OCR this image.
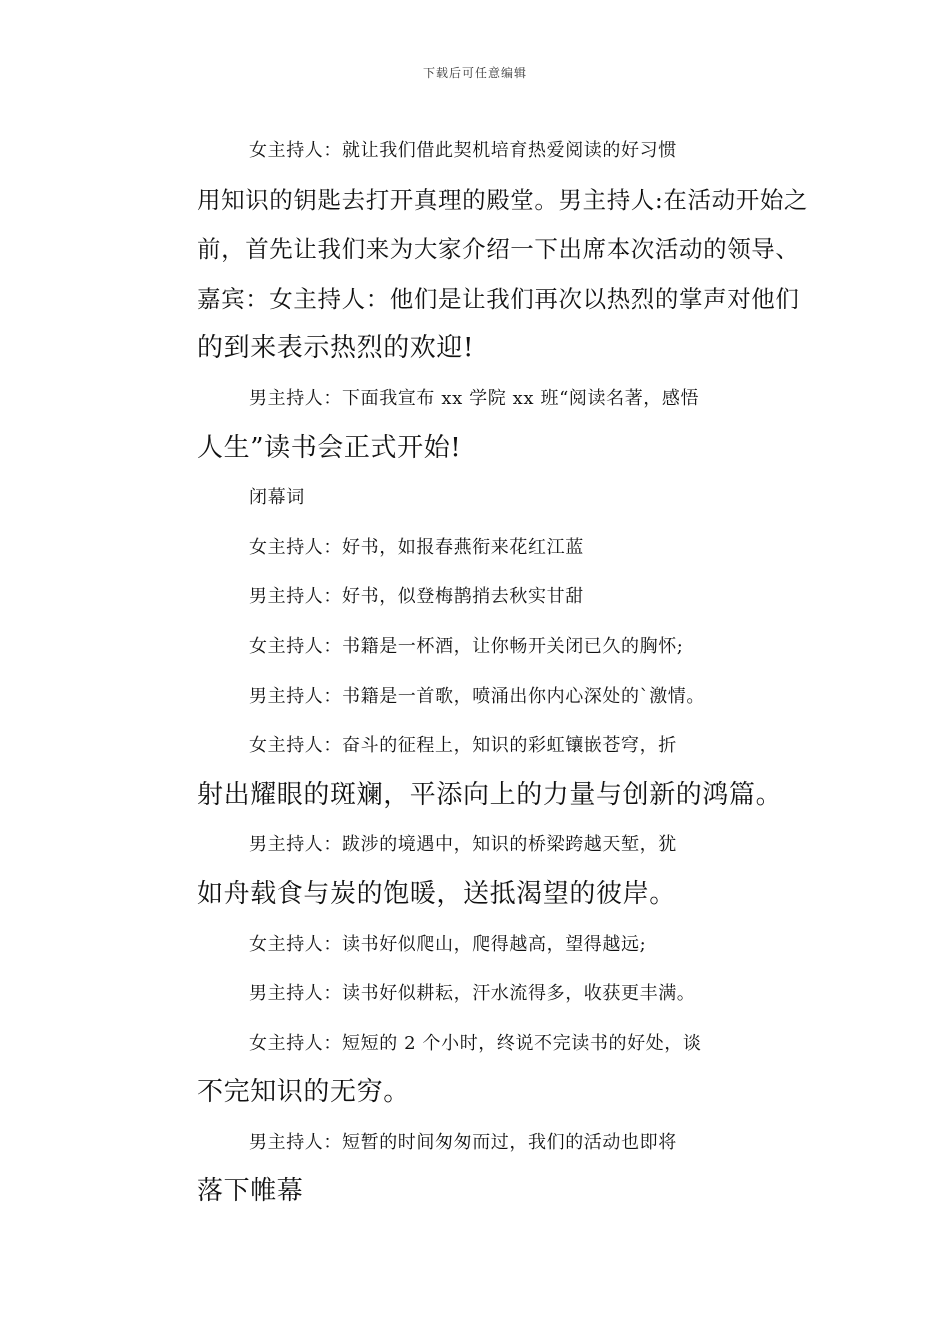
下载后可任意编辑
女主持人：就让我们借此契机培育热爱阅读的好习惯
用知识的钥匙去打开真理的殿堂。男主持人:在活动开始之
前，首先让我们来为大家介绍一下出席本次活动的领导、
嘉宾：女主持人：他们是让我们再次以热烈的掌声对他们
的到来表示热烈的欢迎!
男主持人：下面我宣布 xx 学院 xx 班“阅读名著，感悟
人生”读书会正式开始!
闭幕词
女主持人：好书，如报春燕衔来花红江蓝
男主持人：好书，似登梅鹊捎去秋实甘甜
女主持人：书籍是一杯酒，让你畅开关闭已久的胸怀;
男主持人：书籍是一首歌，喷涌出你内心深处的`激情。
女主持人：奋斗的征程上，知识的彩虹镶嵌苍穹，折
射出耀眼的斑斓，平添向上的力量与创新的鸿篇。
男主持人：跋涉的境遇中，知识的桥梁跨越天堑，犹
如舟载食与炭的饱暖，送抵渴望的彼岸。
女主持人：读书好似爬山，爬得越高，望得越远;
男主持人：读书好似耕耘，汗水流得多，收获更丰满。
女主持人：短短的 2 个小时，终说不完读书的好处，谈
不完知识的无穷。
男主持人：短暂的时间匆匆而过，我们的活动也即将
落下帷幕
